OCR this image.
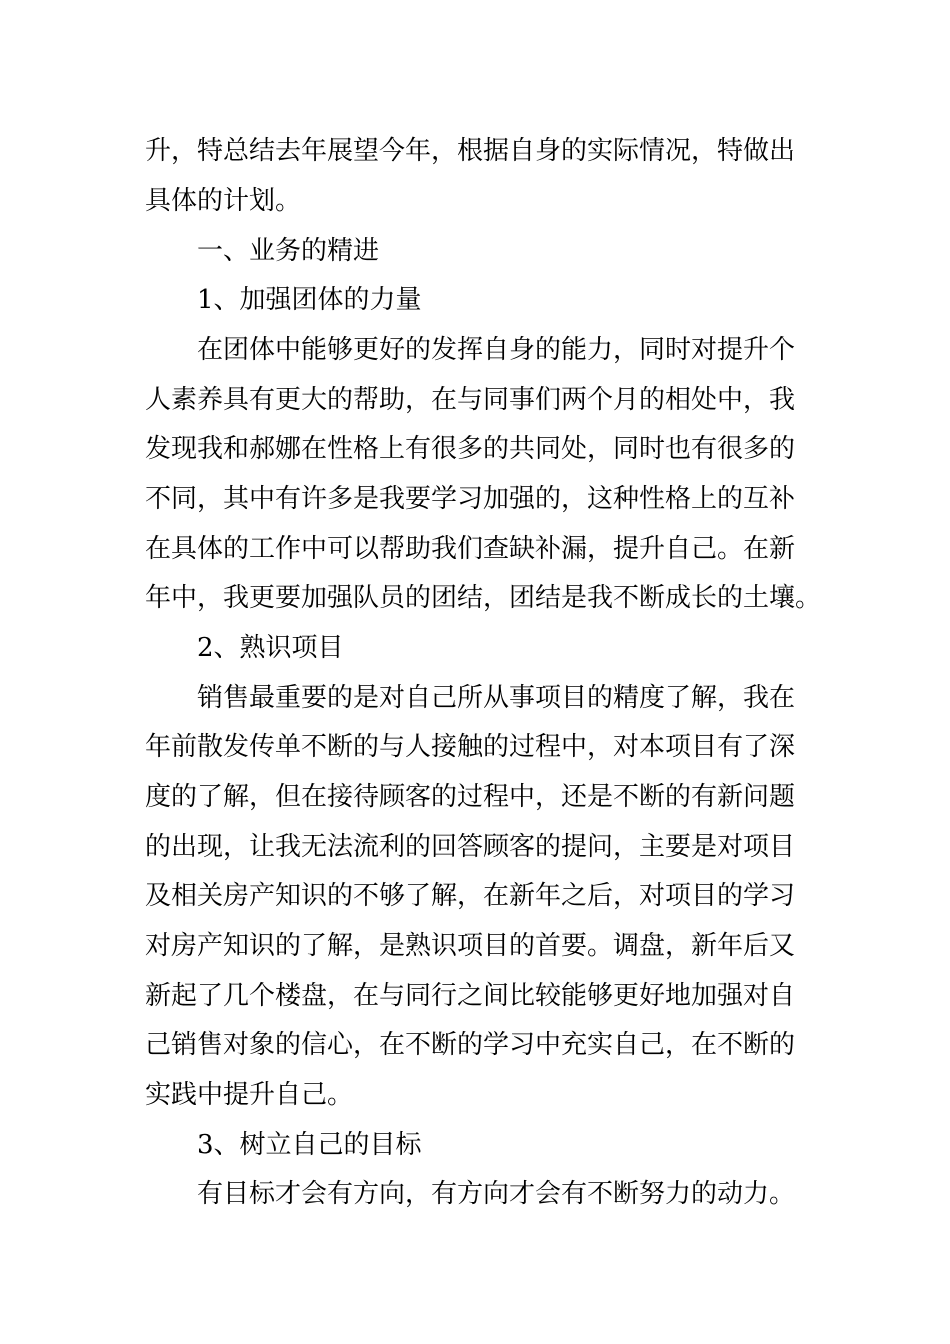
升，特总结去年展望今年，根据自身的实际情况，特做出
具体的计划。
一、业务的精进
1、加强团体的力量
在团体中能够更好的发挥自身的能力，同时对提升个
人素养具有更大的帮助，在与同事们两个月的相处中，我
发现我和郝娜在性格上有很多的共同处，同时也有很多的
不同，其中有许多是我要学习加强的，这种性格上的互补
在具体的工作中可以帮助我们查缺补漏，提升自己。在新
年中，我更要加强队员的团结，团结是我不断成长的土壤。
2、熟识项目
销售最重要的是对自己所从事项目的精度了解，我在
年前散发传单不断的与人接触的过程中，对本项目有了深
度的了解，但在接待顾客的过程中，还是不断的有新问题
的出现，让我无法流利的回答顾客的提问，主要是对项目
及相关房产知识的不够了解，在新年之后，对项目的学习
对房产知识的了解，是熟识项目的首要。调盘，新年后又
新起了几个楼盘，在与同行之间比较能够更好地加强对自
己销售对象的信心，在不断的学习中充实自己，在不断的
实践中提升自己。
3、树立自己的目标
有目标才会有方向，有方向才会有不断努力的动力。
